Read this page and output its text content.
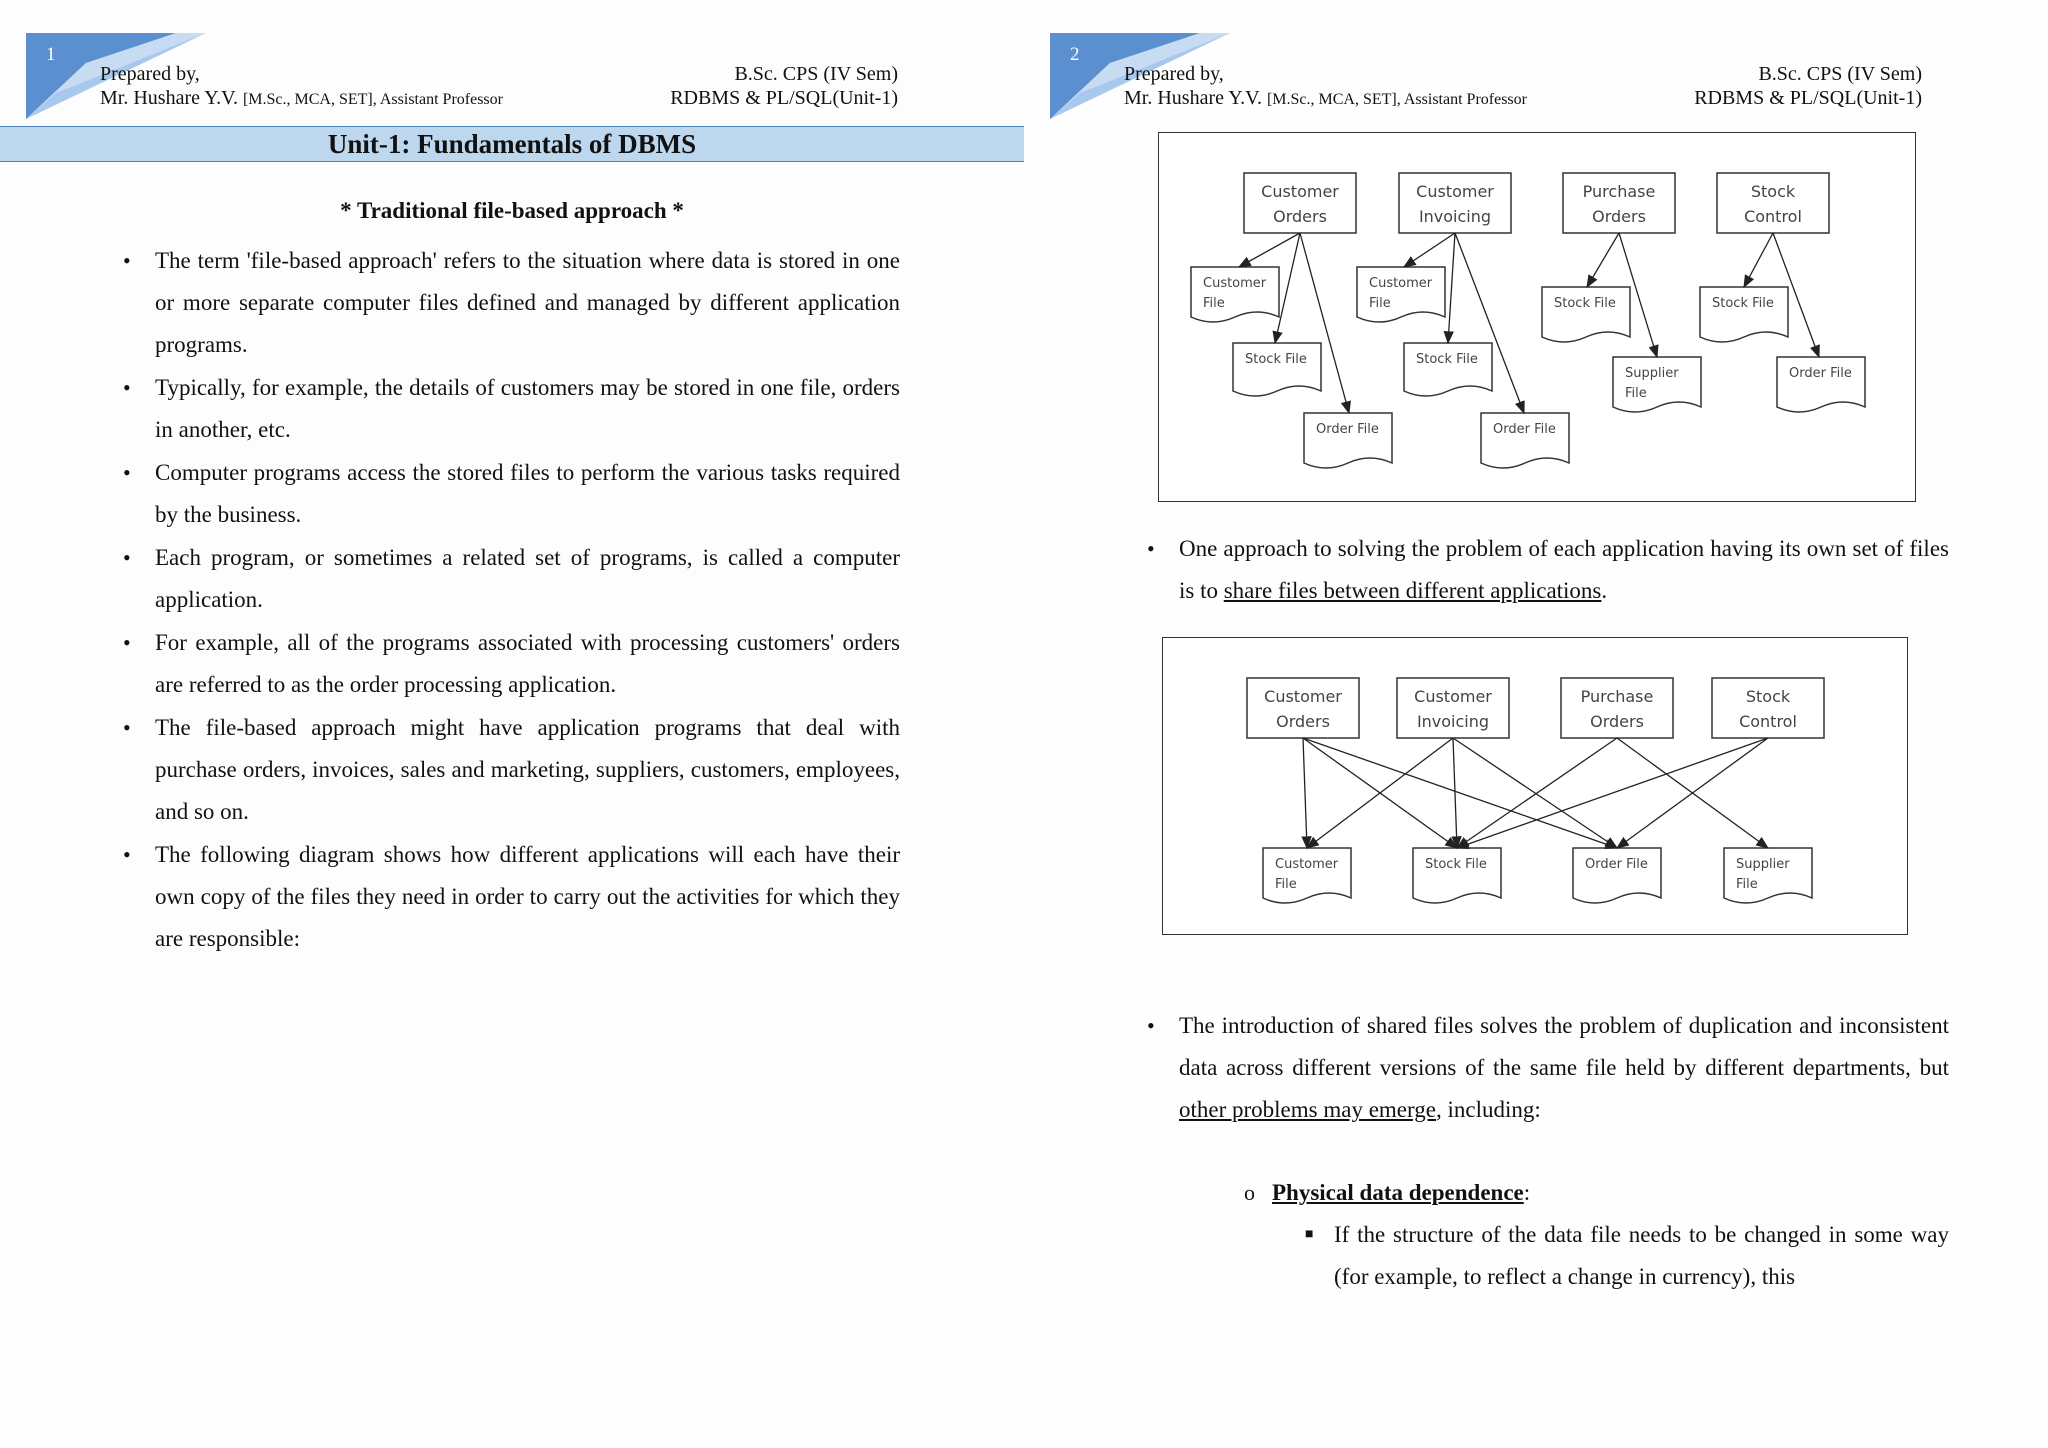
1
Prepared by,
Mr. Hushare Y.V. [M.Sc., MCA, SET], Assistant Professor
B.Sc. CPS (IV Sem)
RDBMS & PL/SQL(Unit-1)
Unit-1: Fundamentals of DBMS
* Traditional file-based approach *
• The term 'file-based approach' refers to the situation where data is stored in one or more separate computer files defined and managed by different application programs.
• Typically, for example, the details of customers may be stored in one file, orders in another, etc.
• Computer programs access the stored files to perform the various tasks required by the business.
• Each program, or sometimes a related set of programs, is called a computer application.
• For example, all of the programs associated with processing customers' orders are referred to as the order processing application.
• The file-based approach might have application programs that deal with purchase orders, invoices, sales and marketing, suppliers, customers, employees, and so on.
• The following diagram shows how different applications will each have their own copy of the files they need in order to carry out the activities for which they are responsible:
2
Prepared by,
Mr. Hushare Y.V. [M.Sc., MCA, SET], Assistant Professor
B.Sc. CPS (IV Sem)
RDBMS & PL/SQL(Unit-1)
Customer
Orders
Customer
Invoicing
Purchase
Orders
Stock
Control
Customer
File
Stock File
Order File
Customer
File
Stock File
Order File
Stock File
Supplier
File
Stock File
Order File
• One approach to solving the problem of each application having its own set of files is to share files between different applications.
Customer
Orders
Customer
Invoicing
Purchase
Orders
Stock
Control
Customer
File
Stock File	Order File	Supplier
File
• The introduction of shared files solves the problem of duplication and inconsistent data across different versions of the same file held by different departments, but other problems may emerge, including:
o Physical data dependence:
■ If the structure of the data file needs to be changed in some way (for example, to reflect a change in currency), this
